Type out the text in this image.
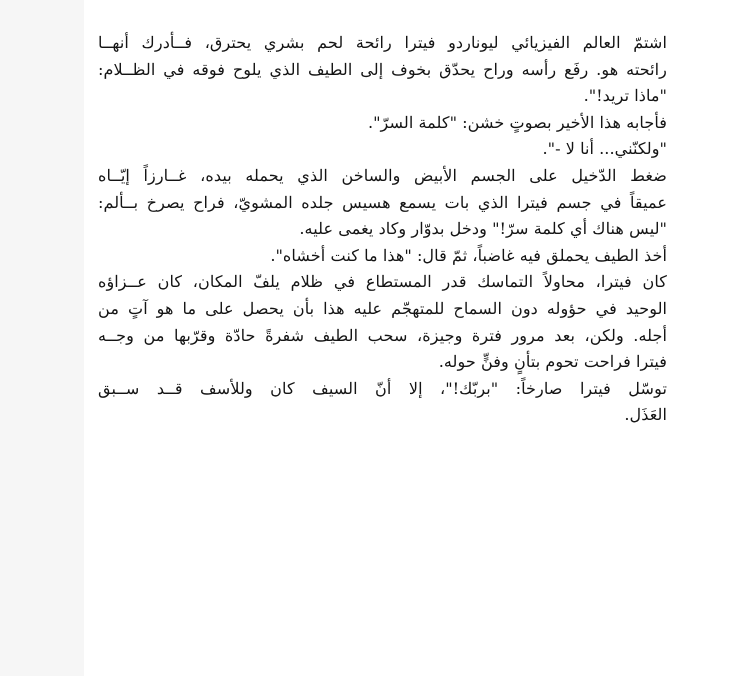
اشتمّ العالم الفيزيائي ليوناردو فيترا رائحة لحم بشري يحترق، فــأدرك أنهــا
رائحته هو. رفَع رأسه وراح يحدّق بخوف إلى الطيف الذي يلوح فوقه في الظــلام:
"ماذا تريد!".

فأجابه هذا الأخير بصوتٍ خشن: "كلمة السرّ".
"ولكنّني... أنا لا -".

ضغط الدّخيل على الجسم الأبيض والساخن الذي يحمله بيده، غــارزاً إيّــاه
عميقاً في جسم فيترا الذي بات يسمع هسيس جلده المشويّ، فراح يصرخ بــألم:
"ليس هناك أي كلمة سرّ!" ودخل بدوّار وكاد يغمى عليه.

أخذ الطيف يحملق فيه غاضباً، ثمّ قال: "هذا ما كنت أخشاه".

كان فيترا، محاولاً التماسك قدر المستطاع في ظلام يلفّ المكان، كان عــزاؤه
الوحيد في حؤوله دون السماح للمتهجّم عليه هذا بأن يحصل على ما هو آتٍ من
أجله. ولكن، بعد مرور فترة وجيزة، سحب الطيف شفرةً حادّة وقرّبها من وجــه
فيترا فراحت تحوم بتأنٍ وفنٍّ حوله.

توسّل فيترا صارخاً: "بربّك!"، إلا أنّ السيف كان وللأسف قــد ســبق
العَذَل.
